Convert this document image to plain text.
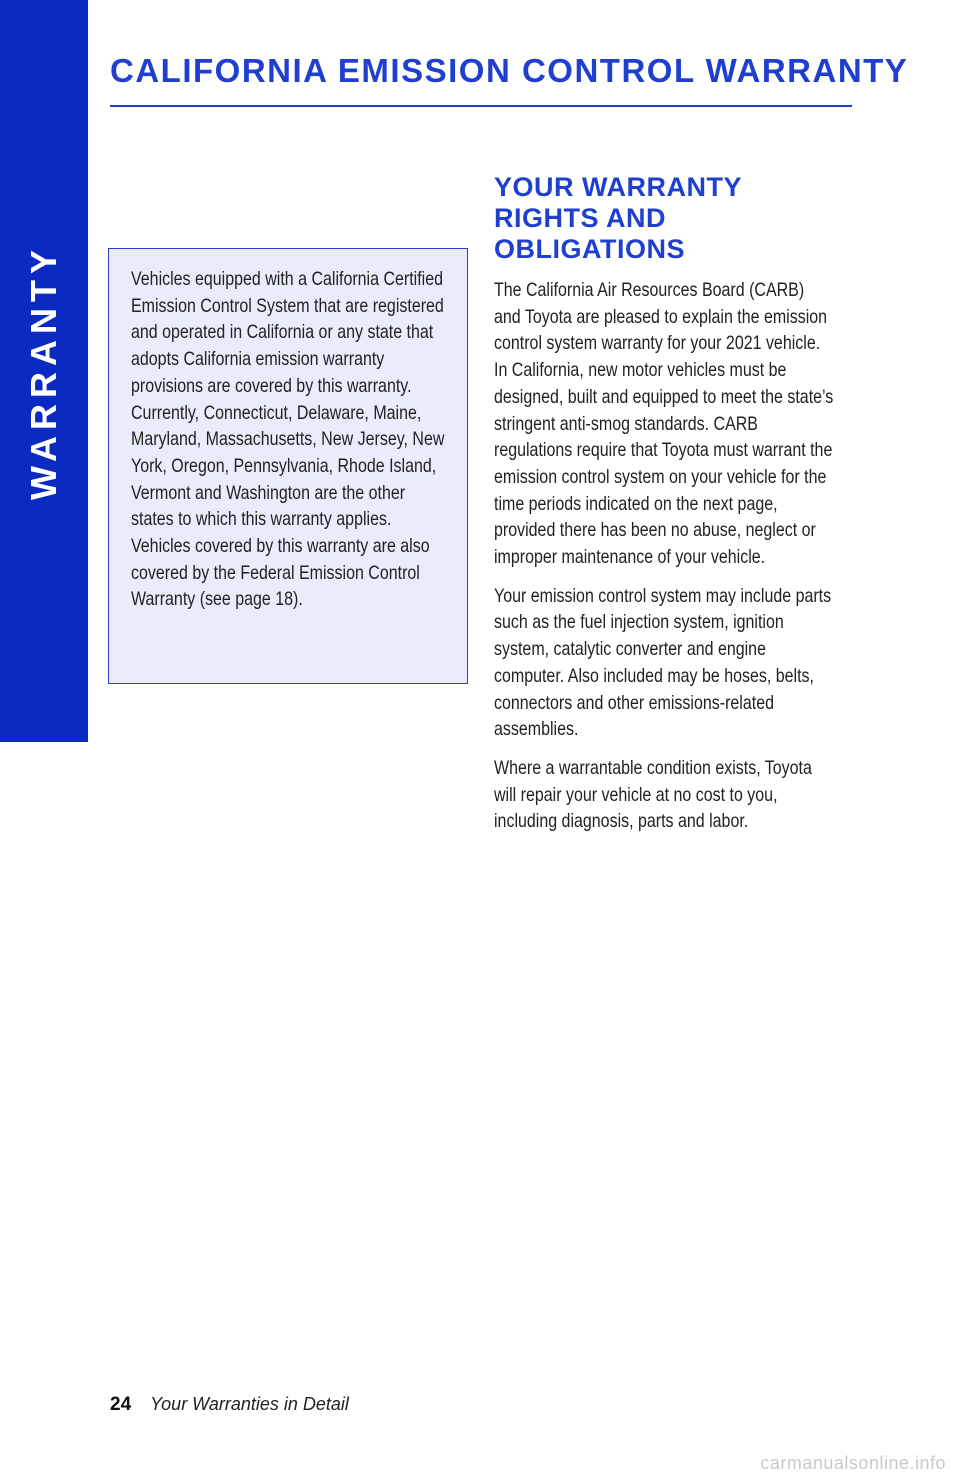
WARRANTY
CALIFORNIA EMISSION CONTROL WARRANTY

Vehicles equipped with a California Certified Emission Control System that are registered and operated in California or any state that adopts California emission warranty provisions are covered by this warranty. Currently, Connecticut, Delaware, Maine, Maryland, Massachusetts, New Jersey, New York, Oregon, Pennsylvania, Rhode Island, Vermont and Washington are the other states to which this warranty applies. Vehicles covered by this warranty are also covered by the Federal Emission Control Warranty (see page 18).

YOUR WARRANTY RIGHTS AND OBLIGATIONS

The California Air Resources Board (CARB) and Toyota are pleased to explain the emission control system warranty for your 2021 vehicle. In California, new motor vehicles must be designed, built and equipped to meet the state’s stringent anti-smog standards. CARB regulations require that Toyota must warrant the emission control system on your vehicle for the time periods indicated on the next page, provided there has been no abuse, neglect or improper maintenance of your vehicle.

Your emission control system may include parts such as the fuel injection system, ignition system, catalytic converter and engine computer. Also included may be hoses, belts, connectors and other emissions-related assemblies.

Where a warrantable condition exists, Toyota will repair your vehicle at no cost to you, including diagnosis, parts and labor.

24 Your Warranties in Detail
carmanualsonline.info
